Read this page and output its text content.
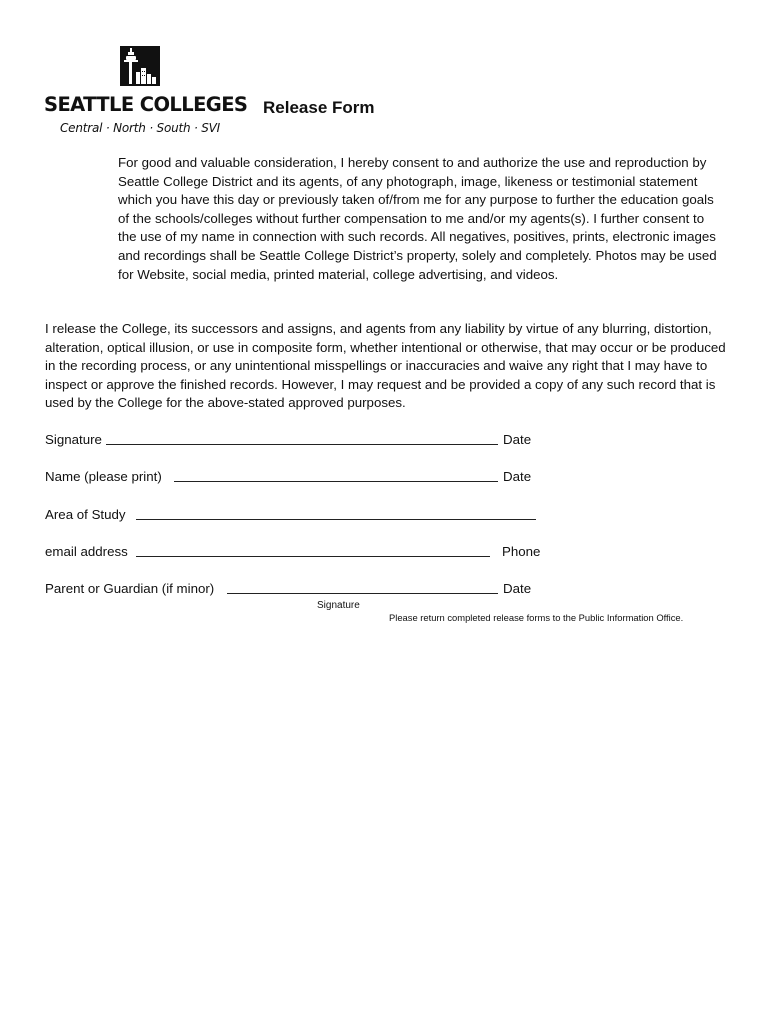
SEATTLE COLLEGES
Central · North · South · SVI
Release Form

For good and valuable consideration, I hereby consent to and authorize the use and reproduction by Seattle College District and its agents, of any photograph, image, likeness or testimonial statement which you have this day or previously taken of/from me for any purpose to further the education goals of the schools/colleges without further compensation to me and/or my agents(s). I further consent to the use of my name in connection with such records. All negatives, positives, prints, electronic images and recordings shall be Seattle College District’s property, solely and completely. Photos may be used for Website, social media, printed material, college advertising, and videos.

I release the College, its successors and assigns, and agents from any liability by virtue of any blurring, distortion, alteration, optical illusion, or use in composite form, whether intentional or otherwise, that may occur or be produced in the recording process, or any unintentional misspellings or inaccuracies and waive any right that I may have to inspect or approve the finished records. However, I may request and be provided a copy of any such record that is used by the College for the above-stated approved purposes.

Signature	Date
Name (please print)	Date
Area of Study
email address	Phone
Parent or Guardian (if minor)	Date
Signature
Please return completed release forms to the Public Information Office.
